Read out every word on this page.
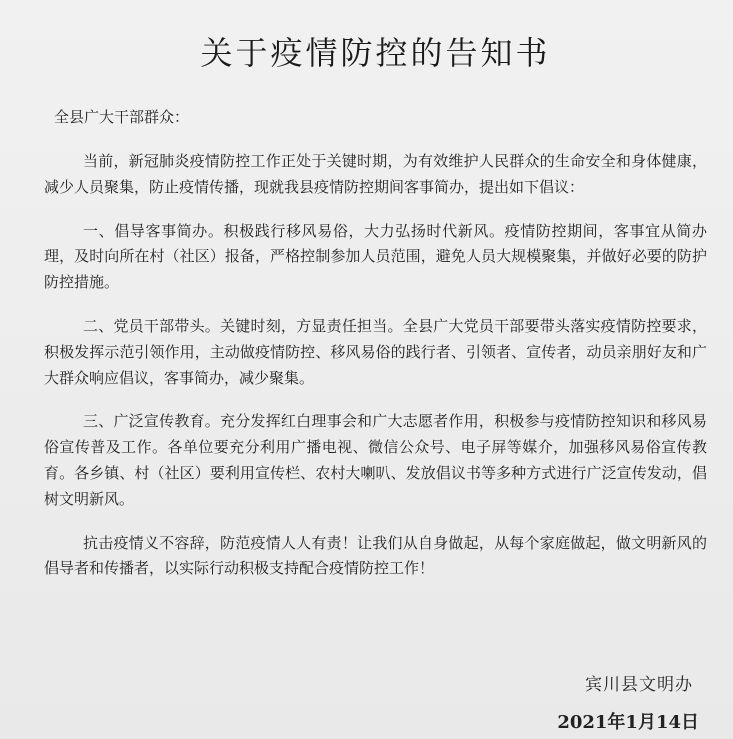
关于疫情防控的告知书
全县广大干部群众：

当前，新冠肺炎疫情防控工作正处于关键时期，为有效维护人民群众的生命安全和身体健康，减少人员聚集，防止疫情传播，现就我县疫情防控期间客事简办，提出如下倡议：

一、倡导客事简办。积极践行移风易俗，大力弘扬时代新风。疫情防控期间，客事宜从简办理，及时向所在村（社区）报备，严格控制参加人员范围，避免人员大规模聚集，并做好必要的防护防控措施。

二、党员干部带头。关键时刻，方显责任担当。全县广大党员干部要带头落实疫情防控要求，积极发挥示范引领作用，主动做疫情防控、移风易俗的践行者、引领者、宣传者，动员亲朋好友和广大群众响应倡议，客事简办，减少聚集。

三、广泛宣传教育。充分发挥红白理事会和广大志愿者作用，积极参与疫情防控知识和移风易俗宣传普及工作。各单位要充分利用广播电视、微信公众号、电子屏等媒介，加强移风易俗宣传教育。各乡镇、村（社区）要利用宣传栏、农村大喇叭、发放倡议书等多种方式进行广泛宣传发动，倡树文明新风。

抗击疫情义不容辞，防范疫情人人有责！让我们从自身做起，从每个家庭做起，做文明新风的倡导者和传播者，以实际行动积极支持配合疫情防控工作！

宾川县文明办
2021年1月14日
